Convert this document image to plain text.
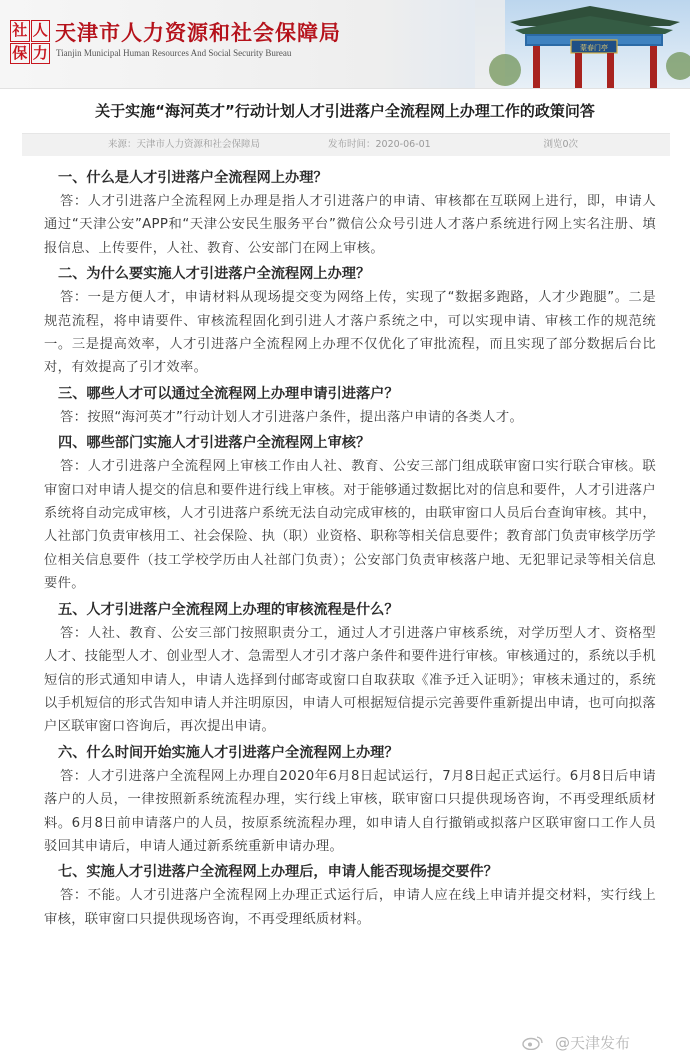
社 人
保 力
天津市人力资源和社会保障局
Tianjin Municipal Human Resources And Social Security Bureau	蒙春门亭
关于实施“海河英才”行动计划人才引进落户全流程网上办理工作的政策问答
来源：天津市人力资源和社会保障局	发布时间：2020-06-01	浏览0次

一、什么是人才引进落户全流程网上办理？

答：人才引进落户全流程网上办理是指人才引进落户的申请、审核都在互联网上进行，即，申请人通过“天津公安”APP和“天津公安民生服务平台”微信公众号引进人才落户系统进行网上实名注册、填报信息、上传要件，人社、教育、公安部门在网上审核。

二、为什么要实施人才引进落户全流程网上办理？

答：一是方便人才，申请材料从现场提交变为网络上传，实现了“数据多跑路，人才少跑腿”。二是规范流程，将申请要件、审核流程固化到引进人才落户系统之中，可以实现申请、审核工作的规范统一。三是提高效率，人才引进落户全流程网上办理不仅优化了审批流程，而且实现了部分数据后台比对，有效提高了引才效率。

三、哪些人才可以通过全流程网上办理申请引进落户？

答：按照“海河英才”行动计划人才引进落户条件，提出落户申请的各类人才。

四、哪些部门实施人才引进落户全流程网上审核？

答：人才引进落户全流程网上审核工作由人社、教育、公安三部门组成联审窗口实行联合审核。联审窗口对申请人提交的信息和要件进行线上审核。对于能够通过数据比对的信息和要件，人才引进落户系统将自动完成审核，人才引进落户系统无法自动完成审核的，由联审窗口人员后台查询审核。其中，人社部门负责审核用工、社会保险、执（职）业资格、职称等相关信息要件；教育部门负责审核学历学位相关信息要件（技工学校学历由人社部门负责）；公安部门负责审核落户地、无犯罪记录等相关信息要件。

五、人才引进落户全流程网上办理的审核流程是什么？

答：人社、教育、公安三部门按照职责分工，通过人才引进落户审核系统，对学历型人才、资格型人才、技能型人才、创业型人才、急需型人才引才落户条件和要件进行审核。审核通过的，系统以手机短信的形式通知申请人，申请人选择到付邮寄或窗口自取获取《准予迁入证明》；审核未通过的，系统以手机短信的形式告知申请人并注明原因，申请人可根据短信提示完善要件重新提出申请，也可向拟落户区联审窗口咨询后，再次提出申请。

六、什么时间开始实施人才引进落户全流程网上办理？

答：人才引进落户全流程网上办理自2020年6月8日起试运行，7月8日起正式运行。6月8日后申请落户的人员，一律按照新系统流程办理，实行线上审核，联审窗口只提供现场咨询，不再受理纸质材料。6月8日前申请落户的人员，按原系统流程办理，如申请人自行撤销或拟落户区联审窗口工作人员驳回其申请后，申请人通过新系统重新申请办理。

七、实施人才引进落户全流程网上办理后，申请人能否现场提交要件？

答：不能。人才引进落户全流程网上办理正式运行后，申请人应在线上申请并提交材料，实行线上审核，联审窗口只提供现场咨询，不再受理纸质材料。

@天津发布
